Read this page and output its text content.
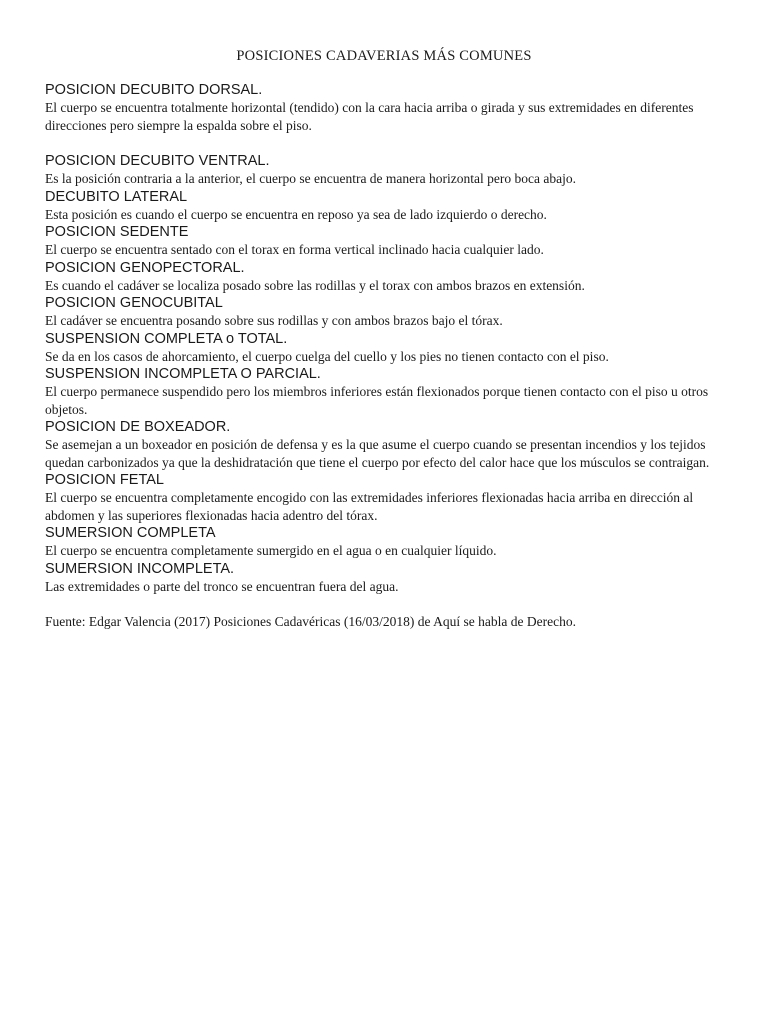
POSICIONES CADAVERIAS MÁS COMUNES
POSICION DECUBITO DORSAL.
El cuerpo se encuentra totalmente horizontal (tendido) con la cara hacia arriba o girada y sus extremidades en diferentes direcciones pero siempre la espalda sobre el piso.
POSICION DECUBITO VENTRAL.
Es la posición contraria a la anterior, el cuerpo se encuentra de manera horizontal pero boca abajo.
DECUBITO LATERAL
Esta posición es cuando el cuerpo se encuentra en reposo ya sea de lado izquierdo o derecho.
POSICION SEDENTE
El cuerpo se encuentra sentado con el torax en forma vertical inclinado hacia cualquier lado.
POSICION GENOPECTORAL.
Es cuando el cadáver se localiza posado sobre las rodillas y el torax con ambos brazos en extensión.
POSICION GENOCUBITAL
El cadáver se encuentra posando sobre sus rodillas y con ambos brazos bajo el tórax.
SUSPENSION COMPLETA o TOTAL.
Se da en los casos de ahorcamiento, el cuerpo cuelga del cuello y los pies no tienen contacto con el piso.
SUSPENSION INCOMPLETA O PARCIAL.
El cuerpo permanece suspendido pero los miembros inferiores están flexionados porque tienen contacto con el piso u otros objetos.
POSICION DE BOXEADOR.
Se asemejan a un boxeador en posición de defensa y es la que asume el cuerpo cuando se presentan incendios y los tejidos quedan carbonizados ya que la deshidratación que tiene el cuerpo por efecto del calor hace que los músculos se contraigan.
POSICION FETAL
El cuerpo se encuentra completamente encogido con las extremidades inferiores flexionadas hacia arriba en dirección al abdomen y las superiores flexionadas hacia adentro del tórax.
SUMERSION COMPLETA
El cuerpo se encuentra completamente sumergido en el agua o en cualquier líquido.
SUMERSION INCOMPLETA.
Las extremidades o parte del tronco se encuentran fuera del agua.
Fuente: Edgar Valencia (2017) Posiciones Cadavéricas (16/03/2018) de Aquí se habla de Derecho.
